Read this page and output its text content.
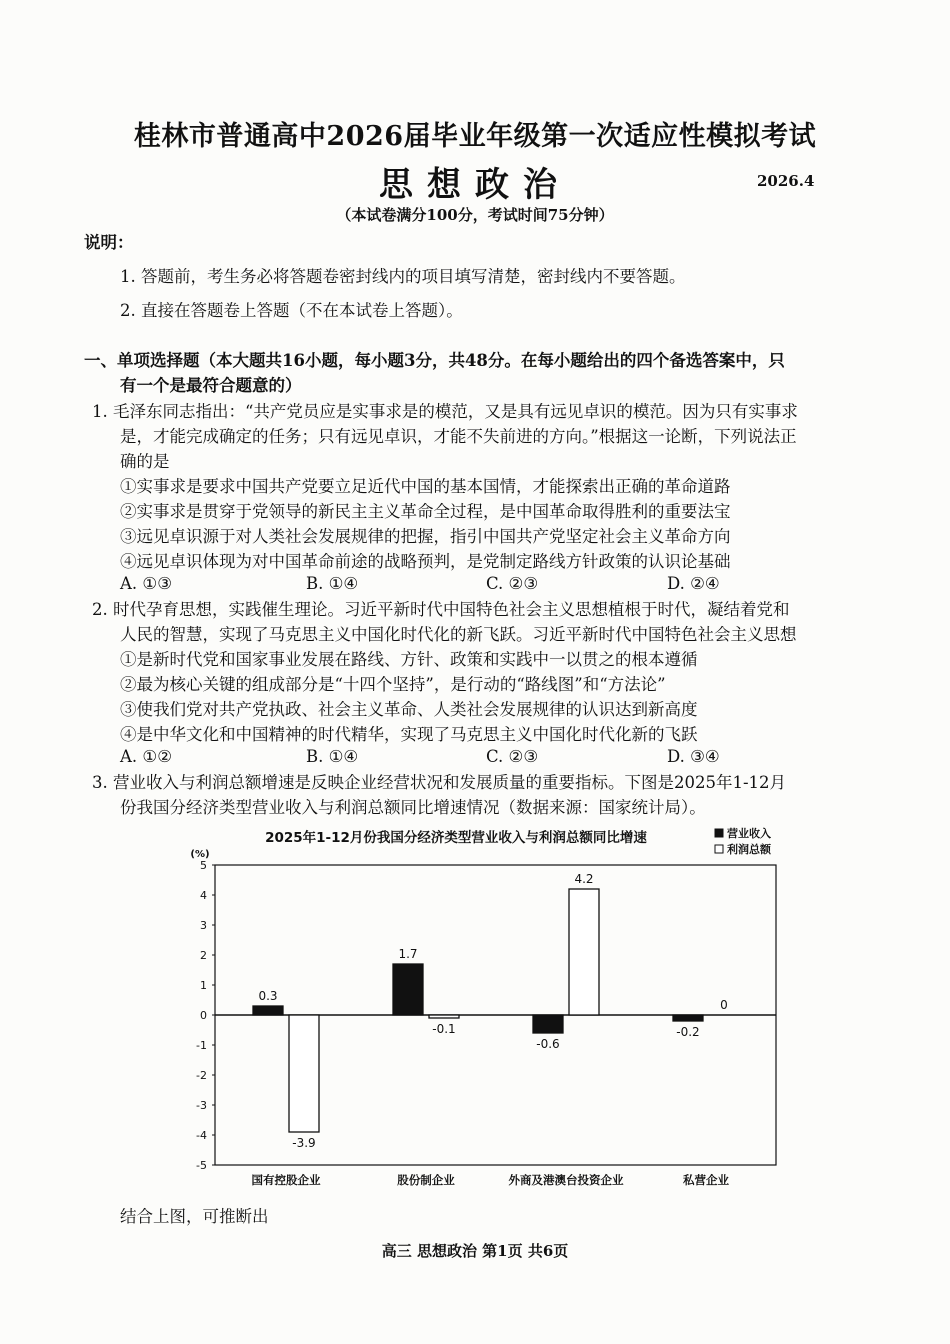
桂林市普通高中2026届毕业年级第一次适应性模拟考试
思想政治	2026.4
（本试卷满分100分，考试时间75分钟）
说明：
1. 答题前，考生务必将答题卷密封线内的项目填写清楚，密封线内不要答题。
2. 直接在答题卷上答题（不在本试卷上答题）。
一、单项选择题（本大题共16小题，每小题3分，共48分。在每小题给出的四个备选答案中，只
有一个是最符合题意的）
1. 毛泽东同志指出：“共产党员应是实事求是的模范，又是具有远见卓识的模范。因为只有实事求
是，才能完成确定的任务；只有远见卓识，才能不失前进的方向。”根据这一论断，下列说法正
确的是
①实事求是要求中国共产党要立足近代中国的基本国情，才能探索出正确的革命道路
②实事求是贯穿于党领导的新民主主义革命全过程，是中国革命取得胜利的重要法宝
③远见卓识源于对人类社会发展规律的把握，指引中国共产党坚定社会主义革命方向
④远见卓识体现为对中国革命前途的战略预判，是党制定路线方针政策的认识论基础
A. ①③	B. ①④	C. ②③	D. ②④
2. 时代孕育思想，实践催生理论。习近平新时代中国特色社会主义思想植根于时代，凝结着党和
人民的智慧，实现了马克思主义中国化时代化的新飞跃。习近平新时代中国特色社会主义思想
①是新时代党和国家事业发展在路线、方针、政策和实践中一以贯之的根本遵循
②最为核心关键的组成部分是“十四个坚持”，是行动的“路线图”和“方法论”
③使我们党对共产党执政、社会主义革命、人类社会发展规律的认识达到新高度
④是中华文化和中国精神的时代精华，实现了马克思主义中国化时代化新的飞跃
A. ①②	B. ①④	C. ②③	D. ③④
3. 营业收入与利润总额增速是反映企业经营状况和发展质量的重要指标。下图是2025年1-12月
份我国分经济类型营业收入与利润总额同比增速情况（数据来源：国家统计局）。
2025年1-12月份我国分经济类型营业收入与利润总额同比增速
(%)
5
4
3
2
1
0
-1
-2
-3
-4
-5
0.3
-3.9
国有控股企业
1.7
-0.1
股份制企业
-0.6
4.2
外商及港澳台投资企业
-0.2
0
私营企业
营业收入
利润总额
结合上图，可推断出
高三 思想政治 第1页 共6页
